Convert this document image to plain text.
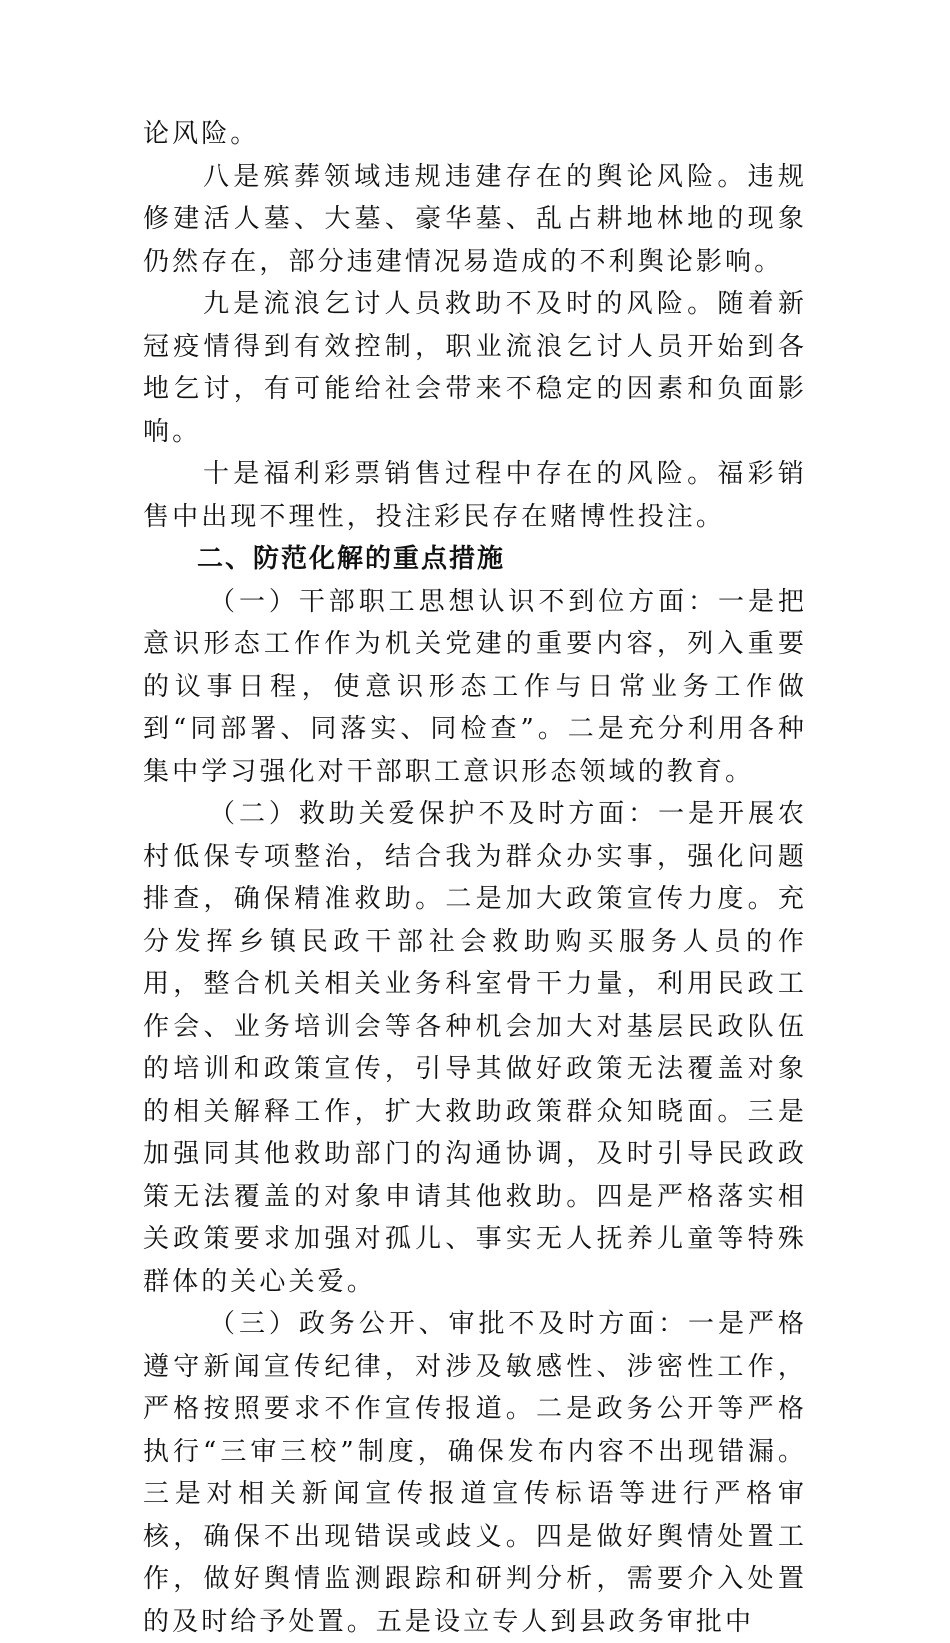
论风险。

八是殡葬领域违规违建存在的舆论风险。违规修建活人墓、大墓、豪华墓、乱占耕地林地的现象仍然存在，部分违建情况易造成的不利舆论影响。

九是流浪乞讨人员救助不及时的风险。随着新冠疫情得到有效控制，职业流浪乞讨人员开始到各地乞讨，有可能给社会带来不稳定的因素和负面影响。

十是福利彩票销售过程中存在的风险。福彩销售中出现不理性，投注彩民存在赌博性投注。

二、防范化解的重点措施

（一）干部职工思想认识不到位方面：一是把意识形态工作作为机关党建的重要内容，列入重要的议事日程，使意识形态工作与日常业务工作做到“同部署、同落实、同检查”。二是充分利用各种集中学习强化对干部职工意识形态领域的教育。

（二）救助关爱保护不及时方面：一是开展农村低保专项整治，结合我为群众办实事，强化问题排查，确保精准救助。二是加大政策宣传力度。充分发挥乡镇民政干部社会救助购买服务人员的作用，整合机关相关业务科室骨干力量，利用民政工作会、业务培训会等各种机会加大对基层民政队伍的培训和政策宣传，引导其做好政策无法覆盖对象的相关解释工作，扩大救助政策群众知晓面。三是加强同其他救助部门的沟通协调，及时引导民政政策无法覆盖的对象申请其他救助。四是严格落实相关政策要求加强对孤儿、事实无人抚养儿童等特殊群体的关心关爱。

（三）政务公开、审批不及时方面：一是严格遵守新闻宣传纪律，对涉及敏感性、涉密性工作，严格按照要求不作宣传报道。二是政务公开等严格执行“三审三校”制度，确保发布内容不出现错漏。三是对相关新闻宣传报道宣传标语等进行严格审核，确保不出现错误或歧义。四是做好舆情处置工作，做好舆情监测跟踪和研判分析，需要介入处置的及时给予处置。五是设立专人到县政务审批中
